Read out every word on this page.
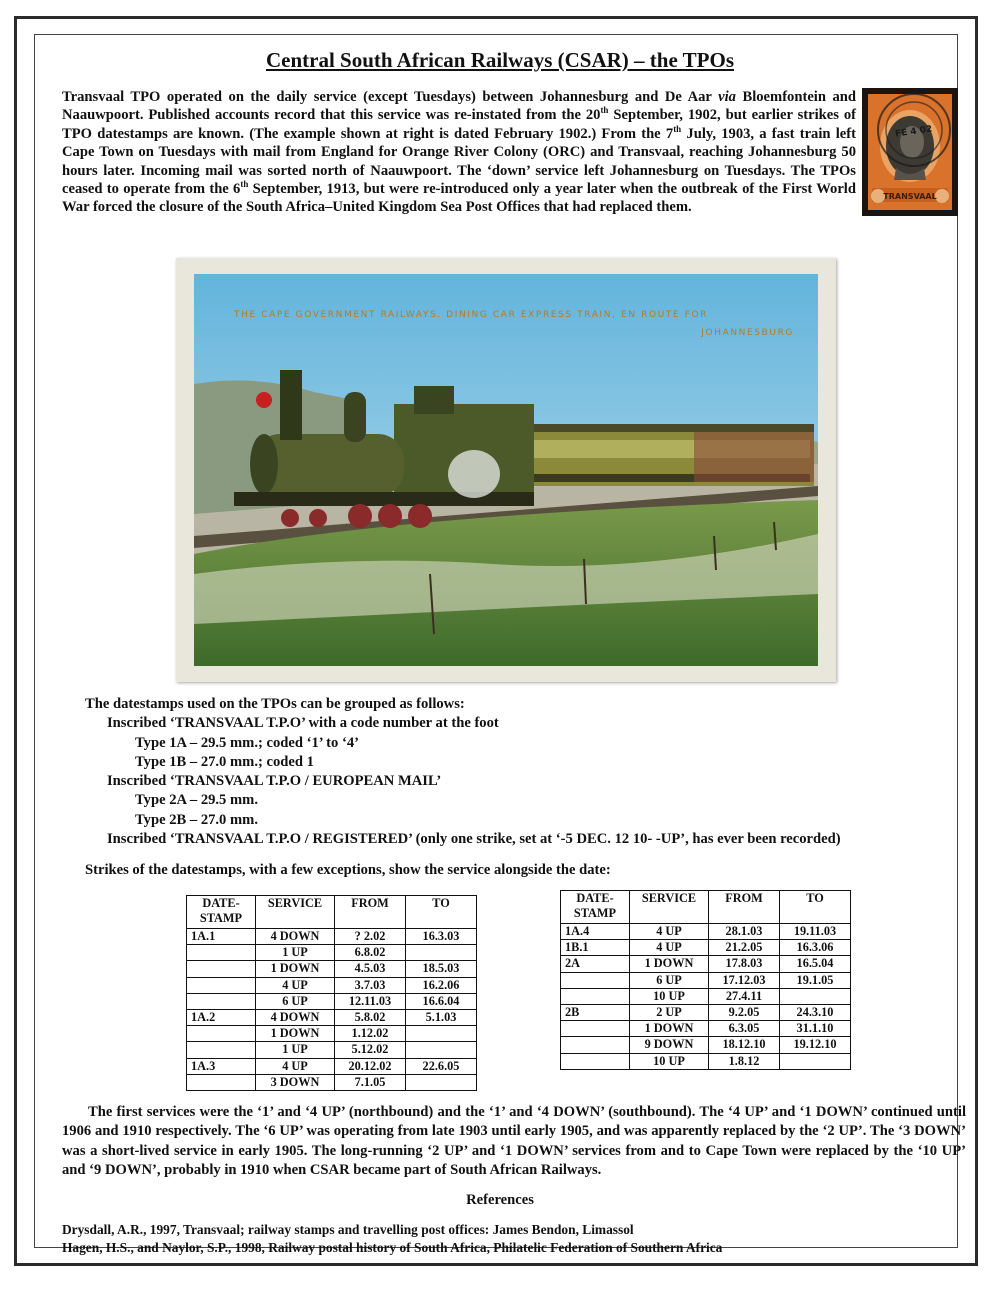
Central South African Railways (CSAR) – the TPOs
Transvaal TPO operated on the daily service (except Tuesdays) between Johannesburg and De Aar via Bloemfontein and Naauwpoort. Published accounts record that this service was re-instated from the 20th September, 1902, but earlier strikes of TPO datestamps are known. (The example shown at right is dated February 1902.) From the 7th July, 1903, a fast train left Cape Town on Tuesdays with mail from England for Orange River Colony (ORC) and Transvaal, reaching Johannesburg 50 hours later. Incoming mail was sorted north of Naauwpoort. The ‘down’ service left Johannesburg on Tuesdays. The TPOs ceased to operate from the 6th September, 1913, but were re-introduced only a year later when the outbreak of the First World War forced the closure of the South Africa–United Kingdom Sea Post Offices that had replaced them.
TRANSVAAL
FE 4 02
THE CAPE GOVERNMENT RAILWAYS. DINING CAR EXPRESS TRAIN, EN ROUTE FOR
JOHANNESBURG
The datestamps used on the TPOs can be grouped as follows:
Inscribed ‘TRANSVAAL T.P.O’ with a code number at the foot
Type 1A – 29.5 mm.; coded ‘1’ to ‘4’
Type 1B – 27.0 mm.; coded 1
Inscribed ‘TRANSVAAL T.P.O / EUROPEAN MAIL’
Type 2A – 29.5 mm.
Type 2B – 27.0 mm.
Inscribed ‘TRANSVAAL T.P.O / REGISTERED’ (only one strike, set at ‘-5 DEC. 12 10- -UP’, has ever been recorded)
Strikes of the datestamps, with a few exceptions, show the service alongside the date:
DATE-STAMP	SERVICE	FROM	TO
1A.1	4 DOWN	? 2.02	16.3.03
	1 UP	6.8.02	
	1 DOWN	4.5.03	18.5.03
	4 UP	3.7.03	16.2.06
	6 UP	12.11.03	16.6.04
1A.2	4 DOWN	5.8.02	5.1.03
	1 DOWN	1.12.02	
	1 UP	5.12.02	
1A.3	4 UP	20.12.02	22.6.05
	3 DOWN	7.1.05	
DATE-STAMP	SERVICE	FROM	TO
1A.4	4 UP	28.1.03	19.11.03
1B.1	4 UP	21.2.05	16.3.06
2A	1 DOWN	17.8.03	16.5.04
	6 UP	17.12.03	19.1.05
	10 UP	27.4.11	
2B	2 UP	9.2.05	24.3.10
	1 DOWN	6.3.05	31.1.10
	9 DOWN	18.12.10	19.12.10
	10 UP	1.8.12	
The first services were the ‘1’ and ‘4 UP’ (northbound) and the ‘1’ and ‘4 DOWN’ (southbound). The ‘4 UP’ and ‘1 DOWN’ continued until 1906 and 1910 respectively. The ‘6 UP’ was operating from late 1903 until early 1905, and was apparently replaced by the ‘2 UP’. The ‘3 DOWN’ was a short-lived service in early 1905. The long-running ‘2 UP’ and ‘1 DOWN’ services from and to Cape Town were replaced by the ‘10 UP’ and ‘9 DOWN’, probably in 1910 when CSAR became part of South African Railways.
References
Drysdall, A.R., 1997, Transvaal; railway stamps and travelling post offices: James Bendon, Limassol
Hagen, H.S., and Naylor, S.P., 1998, Railway postal history of South Africa, Philatelic Federation of Southern Africa
